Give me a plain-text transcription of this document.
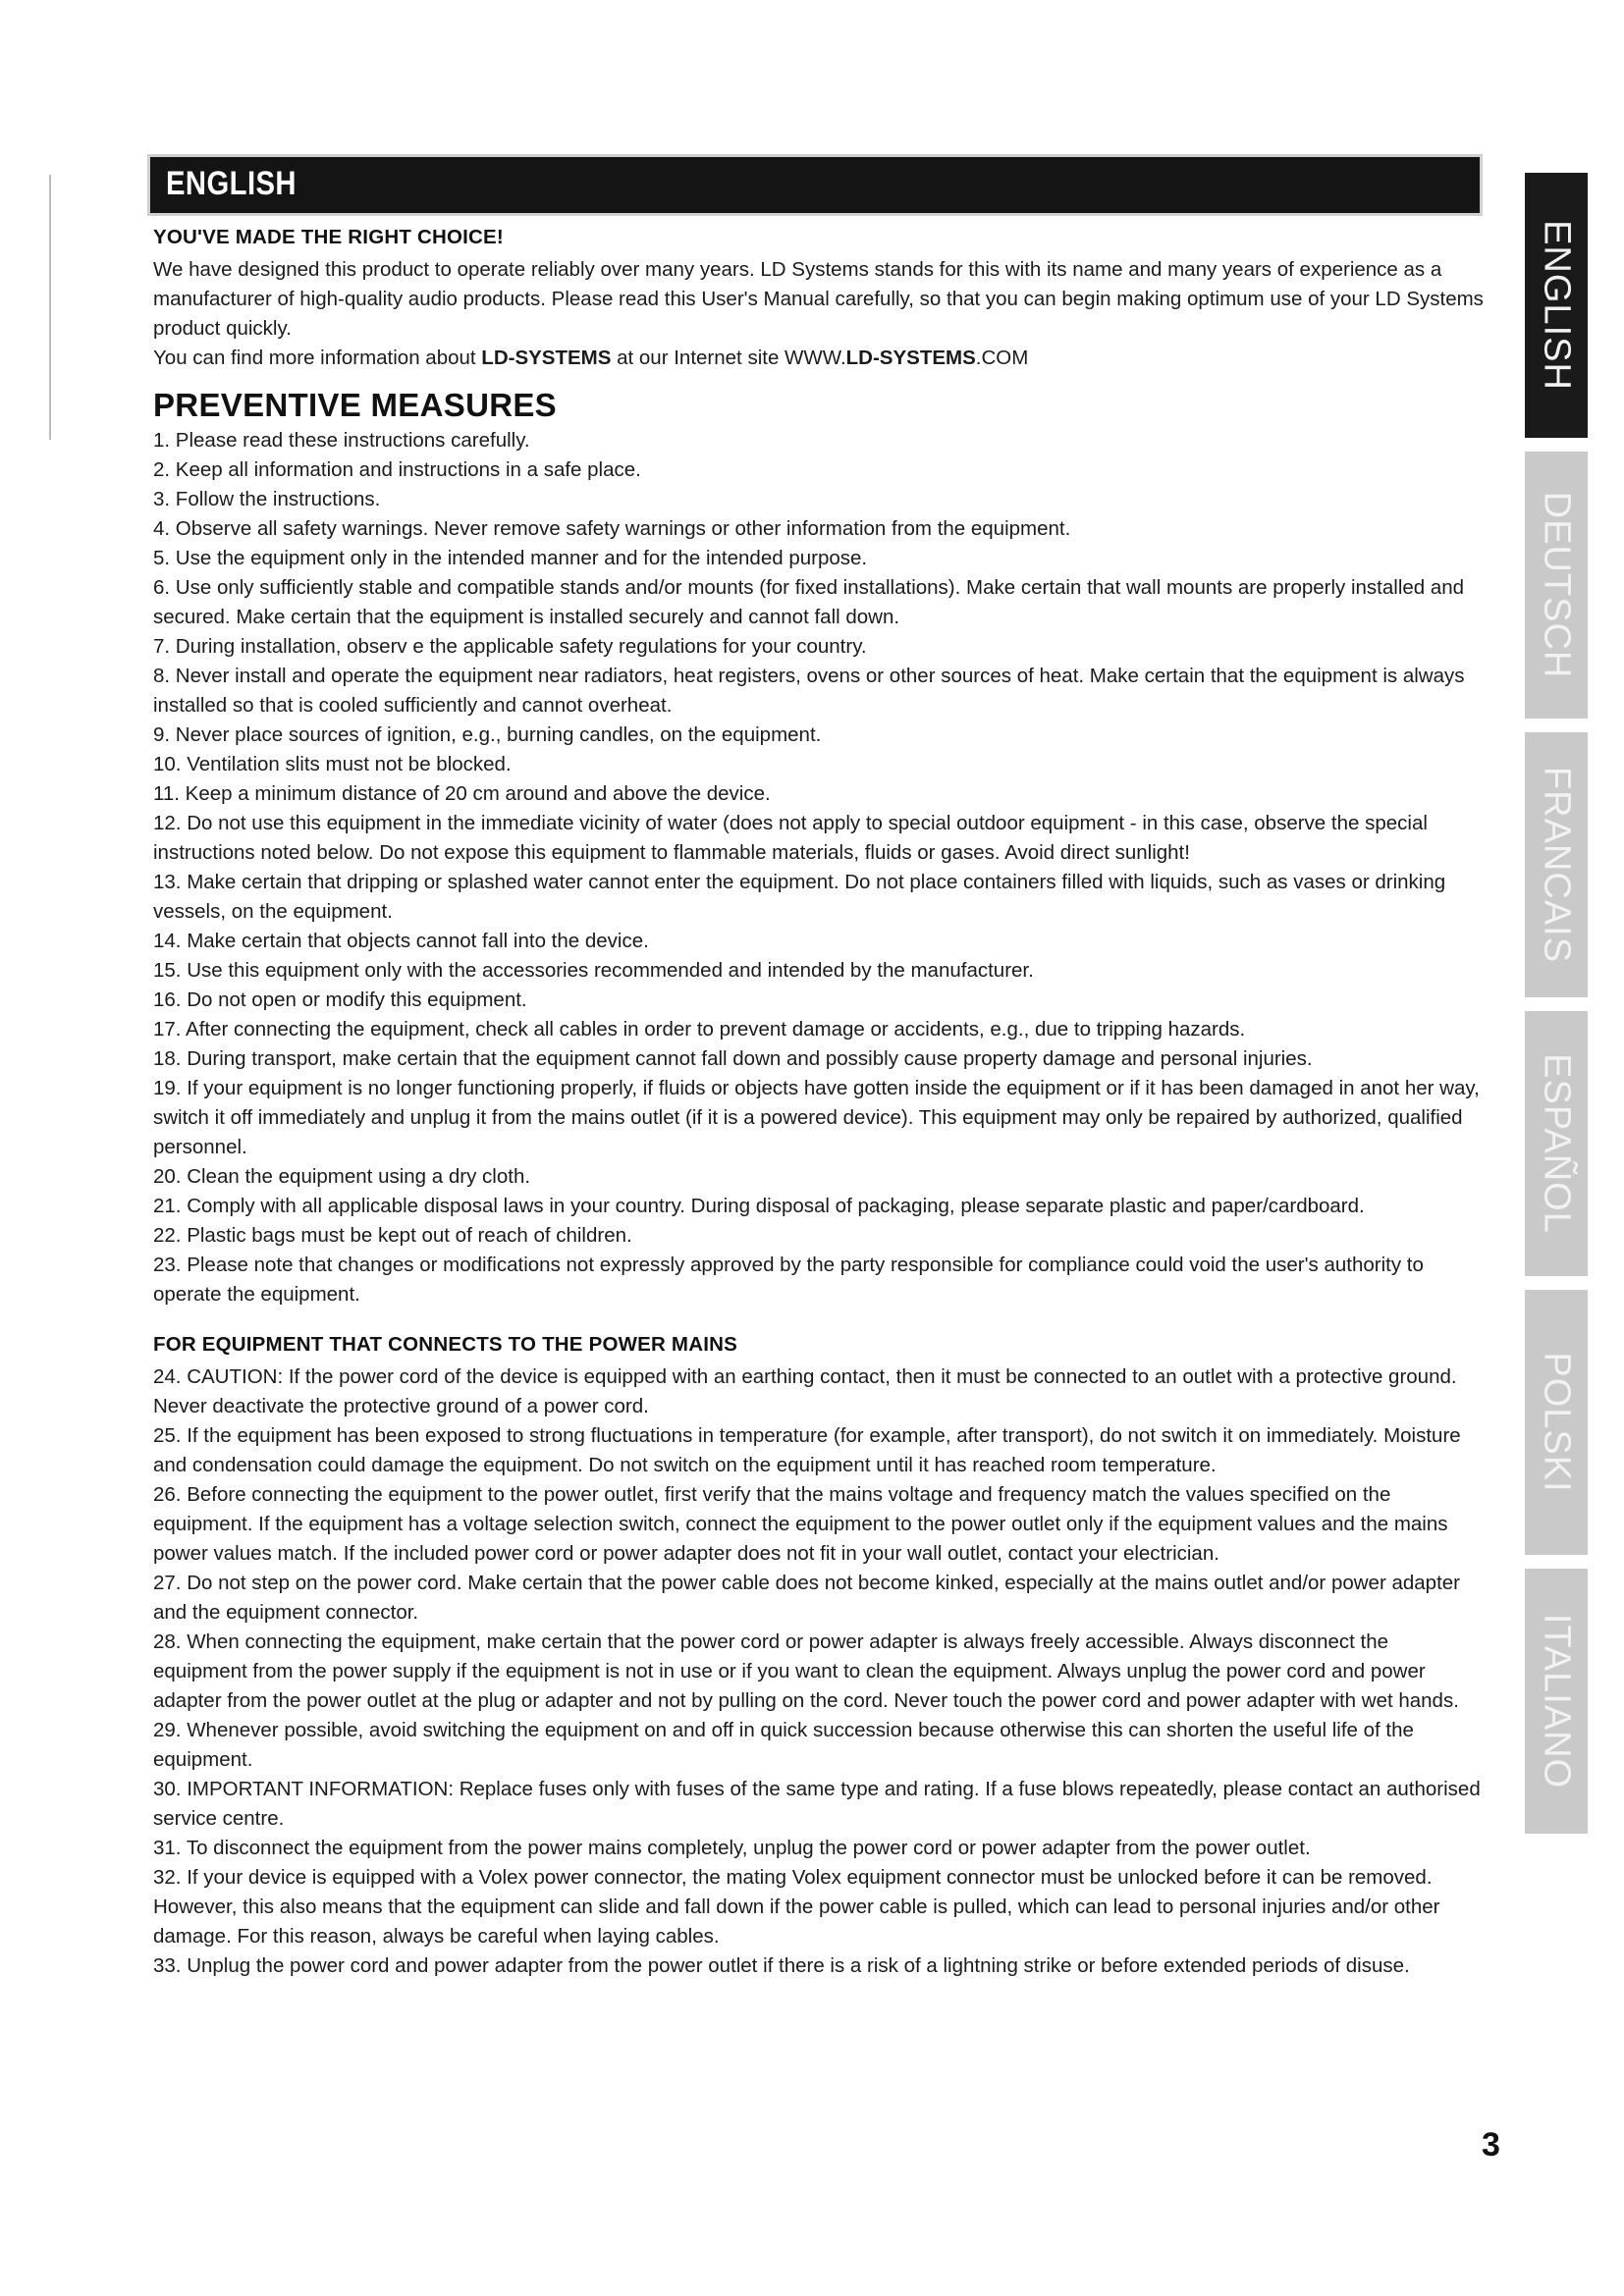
ENGLISH
YOU'VE MADE THE RIGHT CHOICE!

We have designed this product to operate reliably over many years. LD Systems stands for this with its name and many years of experience as a manufacturer of high-quality audio products. Please read this User's Manual carefully, so that you can begin making optimum use of your LD Systems product quickly.

You can find more information about LD-SYSTEMS at our Internet site WWW.LD-SYSTEMS.COM

PREVENTIVE MEASURES
1. Please read these instructions carefully.
2. Keep all information and instructions in a safe place.
3. Follow the instructions.
4. Observe all safety warnings. Never remove safety warnings or other information from the equipment.
5. Use the equipment only in the intended manner and for the intended purpose.
6. Use only sufficiently stable and compatible stands and/or mounts (for fixed installations). Make certain that wall mounts are properly installed and secured. Make certain that the equipment is installed securely and cannot fall down.
7. During installation, observ e the applicable safety regulations for your country.
8. Never install and operate the equipment near radiators, heat registers, ovens or other sources of heat. Make certain that the equipment is always installed so that is cooled sufficiently and cannot overheat.
9. Never place sources of ignition, e.g., burning candles, on the equipment.
10. Ventilation slits must not be blocked.
11. Keep a minimum distance of 20 cm around and above the device.
12. Do not use this equipment in the immediate vicinity of water (does not apply to special outdoor equipment - in this case, observe the special instructions noted below. Do not expose this equipment to flammable materials, fluids or gases. Avoid direct sunlight!
13. Make certain that dripping or splashed water cannot enter the equipment. Do not place containers filled with liquids, such as vases or drinking vessels, on the equipment.
14. Make certain that objects cannot fall into the device.
15. Use this equipment only with the accessories recommended and intended by the manufacturer.
16. Do not open or modify this equipment.
17. After connecting the equipment, check all cables in order to prevent damage or accidents, e.g., due to tripping hazards.
18. During transport, make certain that the equipment cannot fall down and possibly cause property damage and personal injuries.
19. If your equipment is no longer functioning properly, if fluids or objects have gotten inside the equipment or if it has been damaged in anot her way, switch it off immediately and unplug it from the mains outlet (if it is a powered device). This equipment may only be repaired by authorized, qualified personnel.
20. Clean the equipment using a dry cloth.
21. Comply with all applicable disposal laws in your country. During disposal of packaging, please separate plastic and paper/cardboard.
22. Plastic bags must be kept out of reach of children.
23. Please note that changes or modifications not expressly approved by the party responsible for compliance could void the user's authority to operate the equipment.
FOR EQUIPMENT THAT CONNECTS TO THE POWER MAINS
24. CAUTION: If the power cord of the device is equipped with an earthing contact, then it must be connected to an outlet with a protective ground. Never deactivate the protective ground of a power cord.
25. If the equipment has been exposed to strong fluctuations in temperature (for example, after transport), do not switch it on immediately. Moisture and condensation could damage the equipment. Do not switch on the equipment until it has reached room temperature.
26. Before connecting the equipment to the power outlet, first verify that the mains voltage and frequency match the values specified on the equipment. If the equipment has a voltage selection switch, connect the equipment to the power outlet only if the equipment values and the mains power values match. If the included power cord or power adapter does not fit in your wall outlet, contact your electrician.
27. Do not step on the power cord. Make certain that the power cable does not become kinked, especially at the mains outlet and/or power adapter and the equipment connector.
28. When connecting the equipment, make certain that the power cord or power adapter is always freely accessible. Always disconnect the equipment from the power supply if the equipment is not in use or if you want to clean the equipment. Always unplug the power cord and power adapter from the power outlet at the plug or adapter and not by pulling on the cord. Never touch the power cord and power adapter with wet hands.
29. Whenever possible, avoid switching the equipment on and off in quick succession because otherwise this can shorten the useful life of the equipment.
30. IMPORTANT INFORMATION: Replace fuses only with fuses of the same type and rating. If a fuse blows repeatedly, please contact an authorised service centre.
31. To disconnect the equipment from the power mains completely, unplug the power cord or power adapter from the power outlet.
32. If your device is equipped with a Volex power connector, the mating Volex equipment connector must be unlocked before it can be removed. However, this also means that the equipment can slide and fall down if the power cable is pulled, which can lead to personal injuries and/or other damage. For this reason, always be careful when laying cables.
33. Unplug the power cord and power adapter from the power outlet if there is a risk of a lightning strike or before extended periods of disuse.
ENGLISH
DEUTSCH
FRANCAIS
ESPAÑOL
POLSKI
ITALIANO
3
